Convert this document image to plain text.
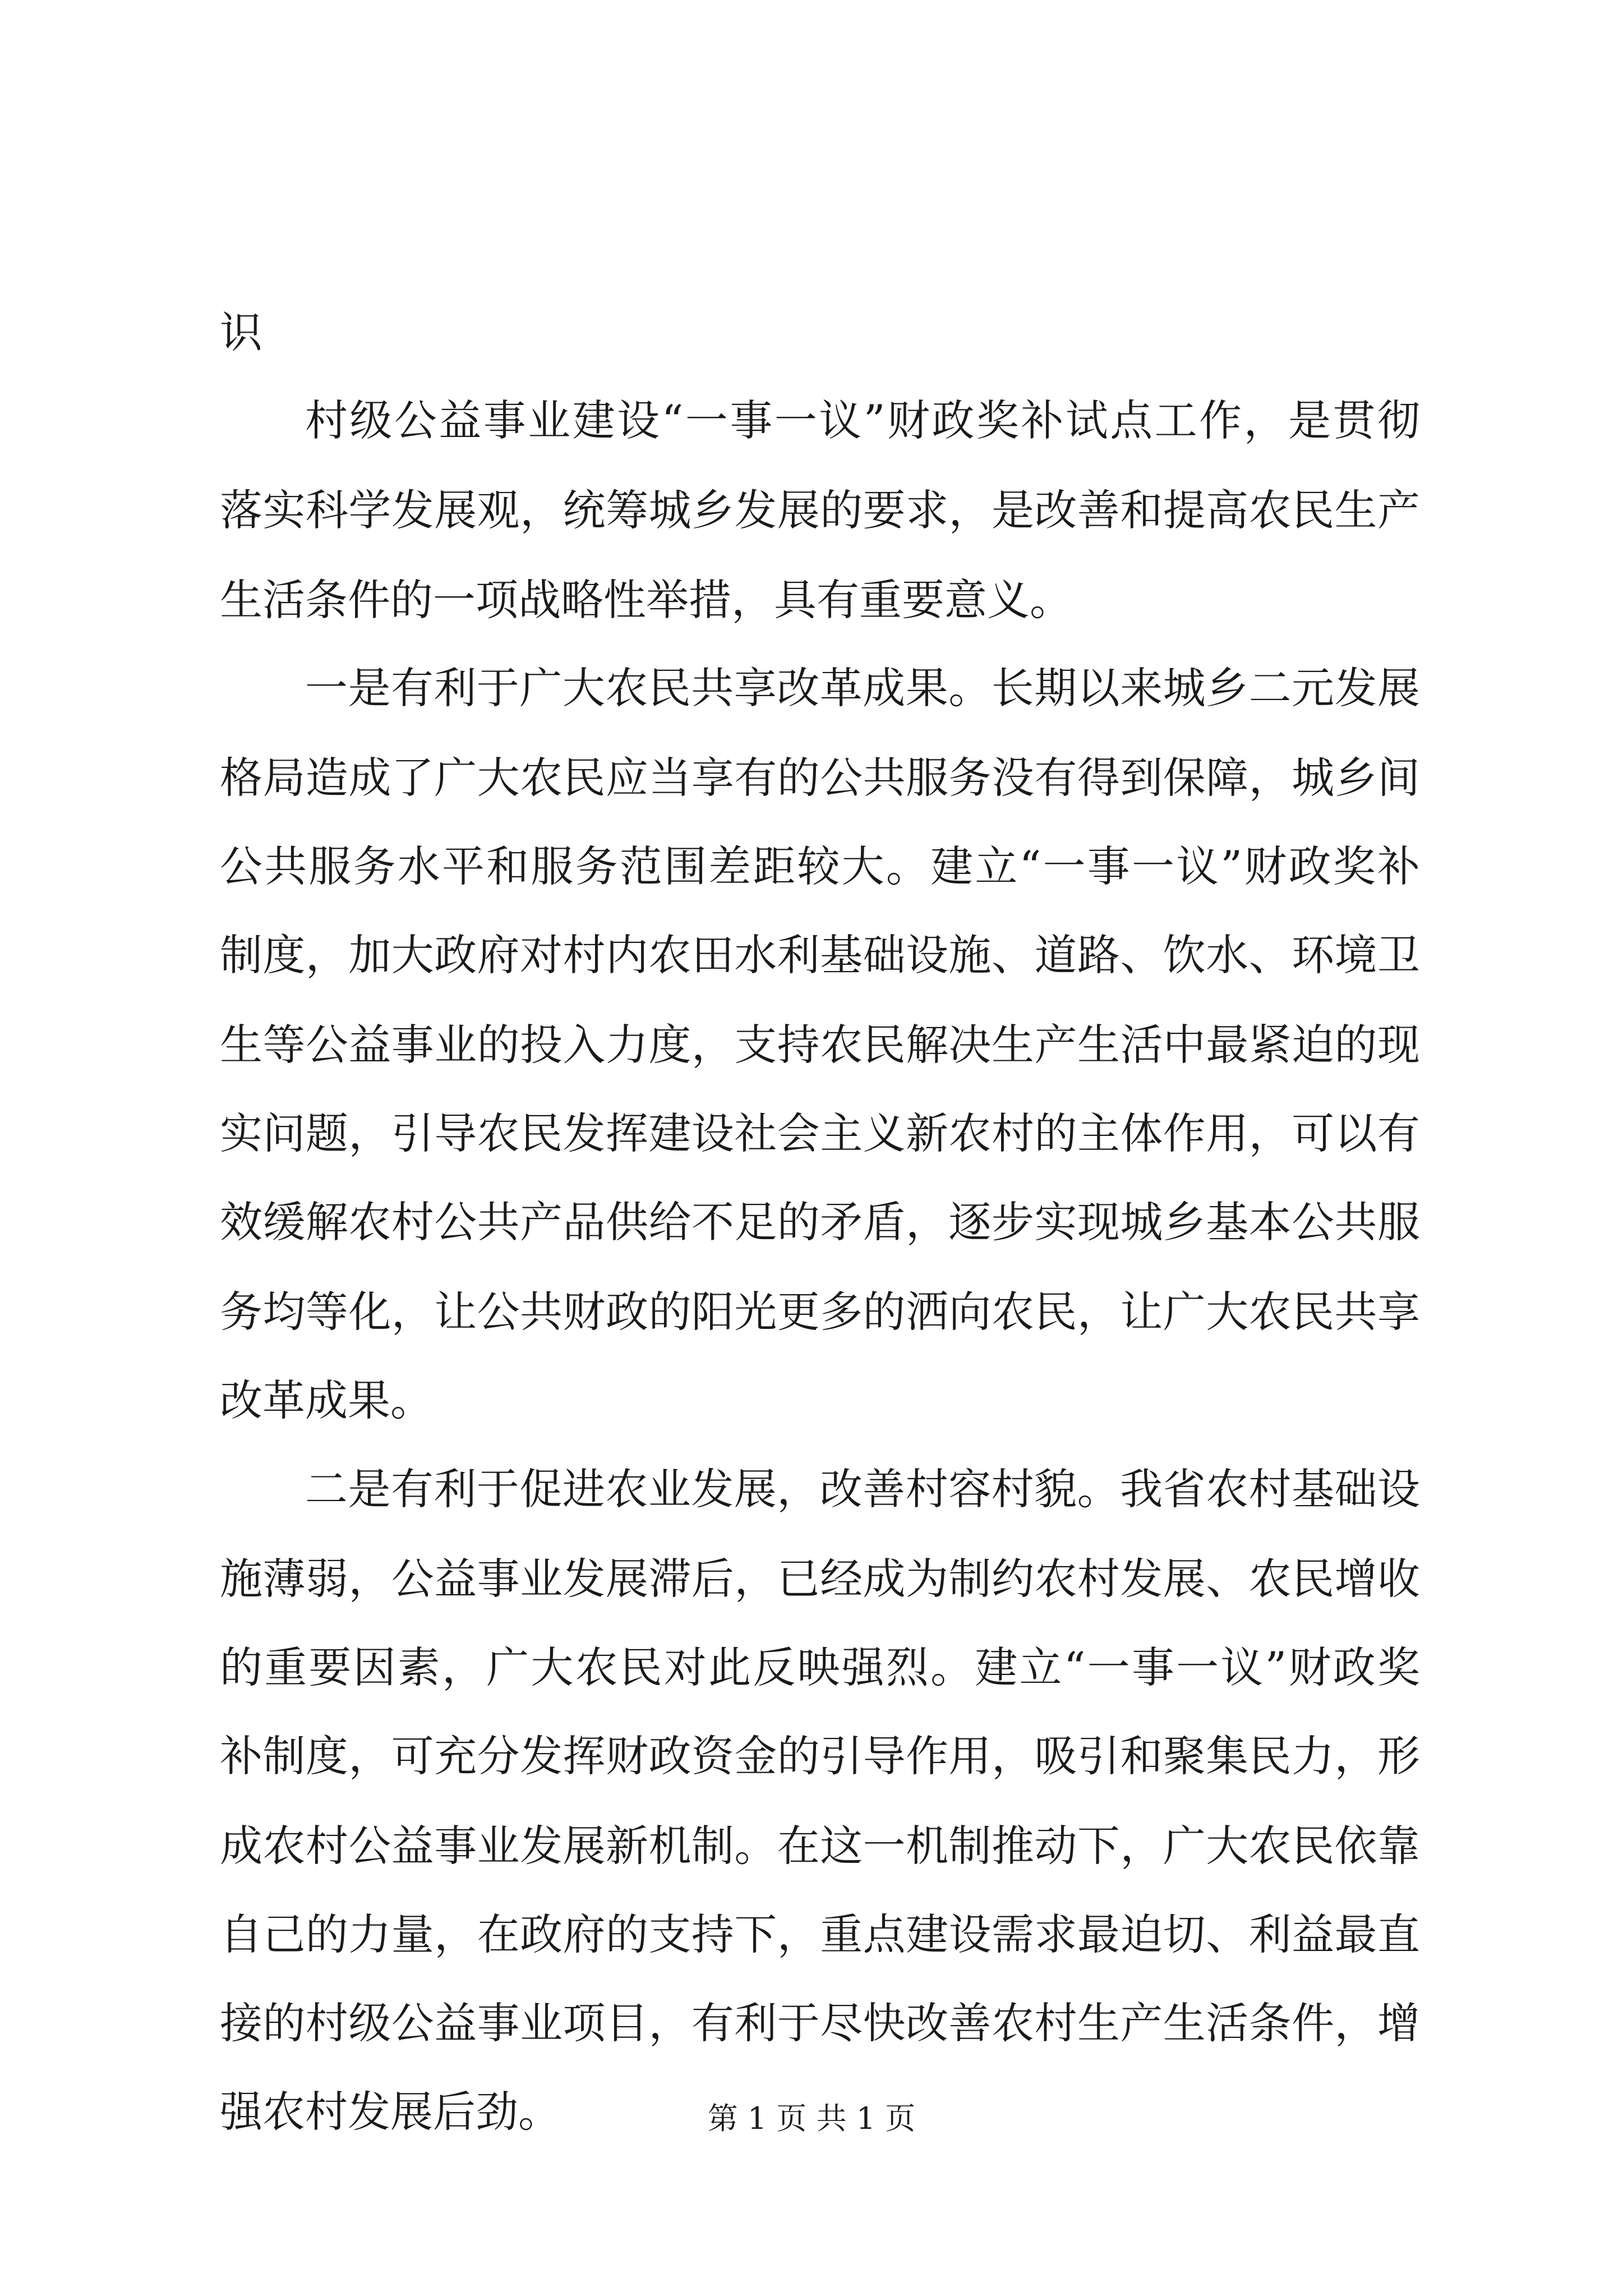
识
村级公益事业建设“一事一议”财政奖补试点工作，是贯彻
落实科学发展观，统筹城乡发展的要求，是改善和提高农民生产
生活条件的一项战略性举措，具有重要意义。
一是有利于广大农民共享改革成果。长期以来城乡二元发展
格局造成了广大农民应当享有的公共服务没有得到保障，城乡间
公共服务水平和服务范围差距较大。建立“一事一议”财政奖补
制度，加大政府对村内农田水利基础设施、道路、饮水、环境卫
生等公益事业的投入力度，支持农民解决生产生活中最紧迫的现
实问题，引导农民发挥建设社会主义新农村的主体作用，可以有
效缓解农村公共产品供给不足的矛盾，逐步实现城乡基本公共服
务均等化，让公共财政的阳光更多的洒向农民，让广大农民共享
改革成果。
二是有利于促进农业发展，改善村容村貌。我省农村基础设
施薄弱，公益事业发展滞后，已经成为制约农村发展、农民增收
的重要因素，广大农民对此反映强烈。建立“一事一议”财政奖
补制度，可充分发挥财政资金的引导作用，吸引和聚集民力，形
成农村公益事业发展新机制。在这一机制推动下，广大农民依靠
自己的力量，在政府的支持下，重点建设需求最迫切、利益最直
接的村级公益事业项目，有利于尽快改善农村生产生活条件，增
强农村发展后劲。	第 1 页 共 1 页
